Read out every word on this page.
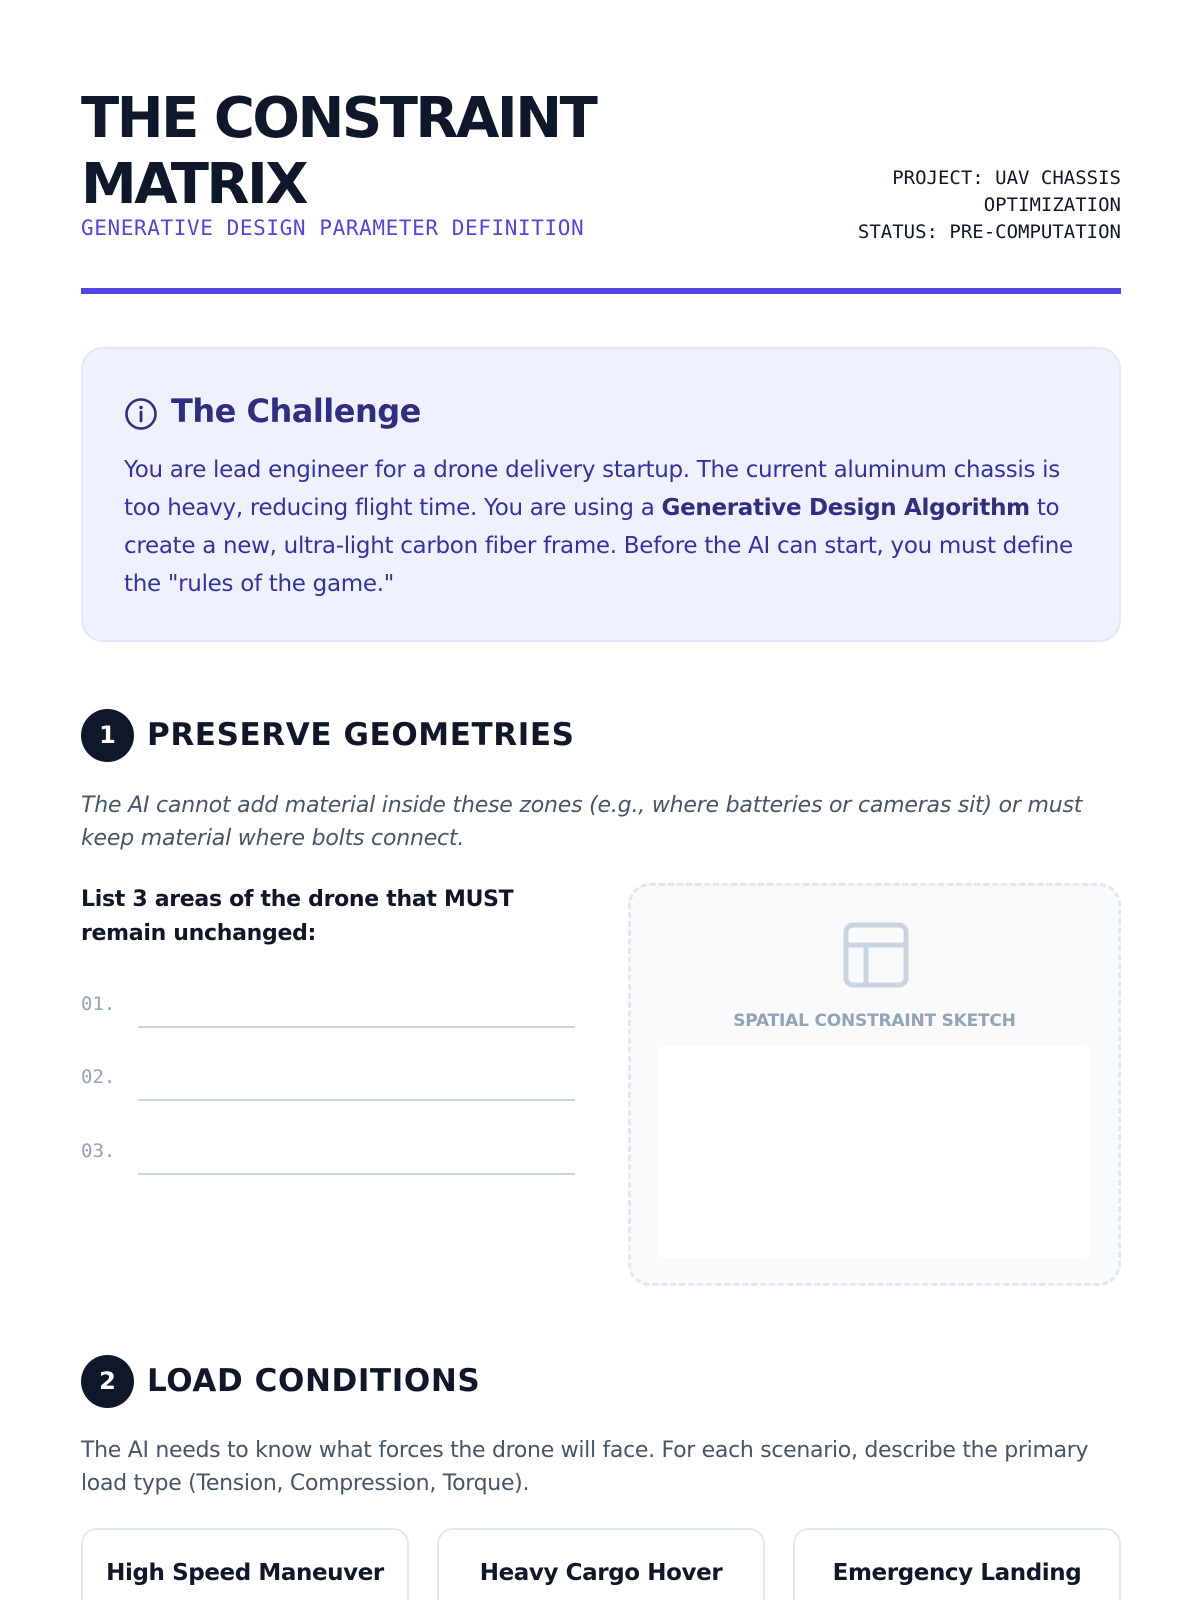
THE CONSTRAINT MATRIX
GENERATIVE DESIGN PARAMETER DEFINITION
PROJECT: UAV CHASSIS
OPTIMIZATION
STATUS: PRE-COMPUTATION
The Challenge

You are lead engineer for a drone delivery startup. The current aluminum chassis is too heavy, reducing flight time. You are using a Generative Design Algorithm to create a new, ultra-light carbon fiber frame. Before the AI can start, you must define the "rules of the game."

1	PRESERVE GEOMETRIES

The AI cannot add material inside these zones (e.g., where batteries or cameras sit) or must keep material where bolts connect.

List 3 areas of the drone that MUST remain unchanged:

01.
02.
03.
SPATIAL CONSTRAINT SKETCH
2	LOAD CONDITIONS

The AI needs to know what forces the drone will face. For each scenario, describe the primary load type (Tension, Compression, Torque).

High Speed Maneuver	Heavy Cargo Hover	Emergency Landing
